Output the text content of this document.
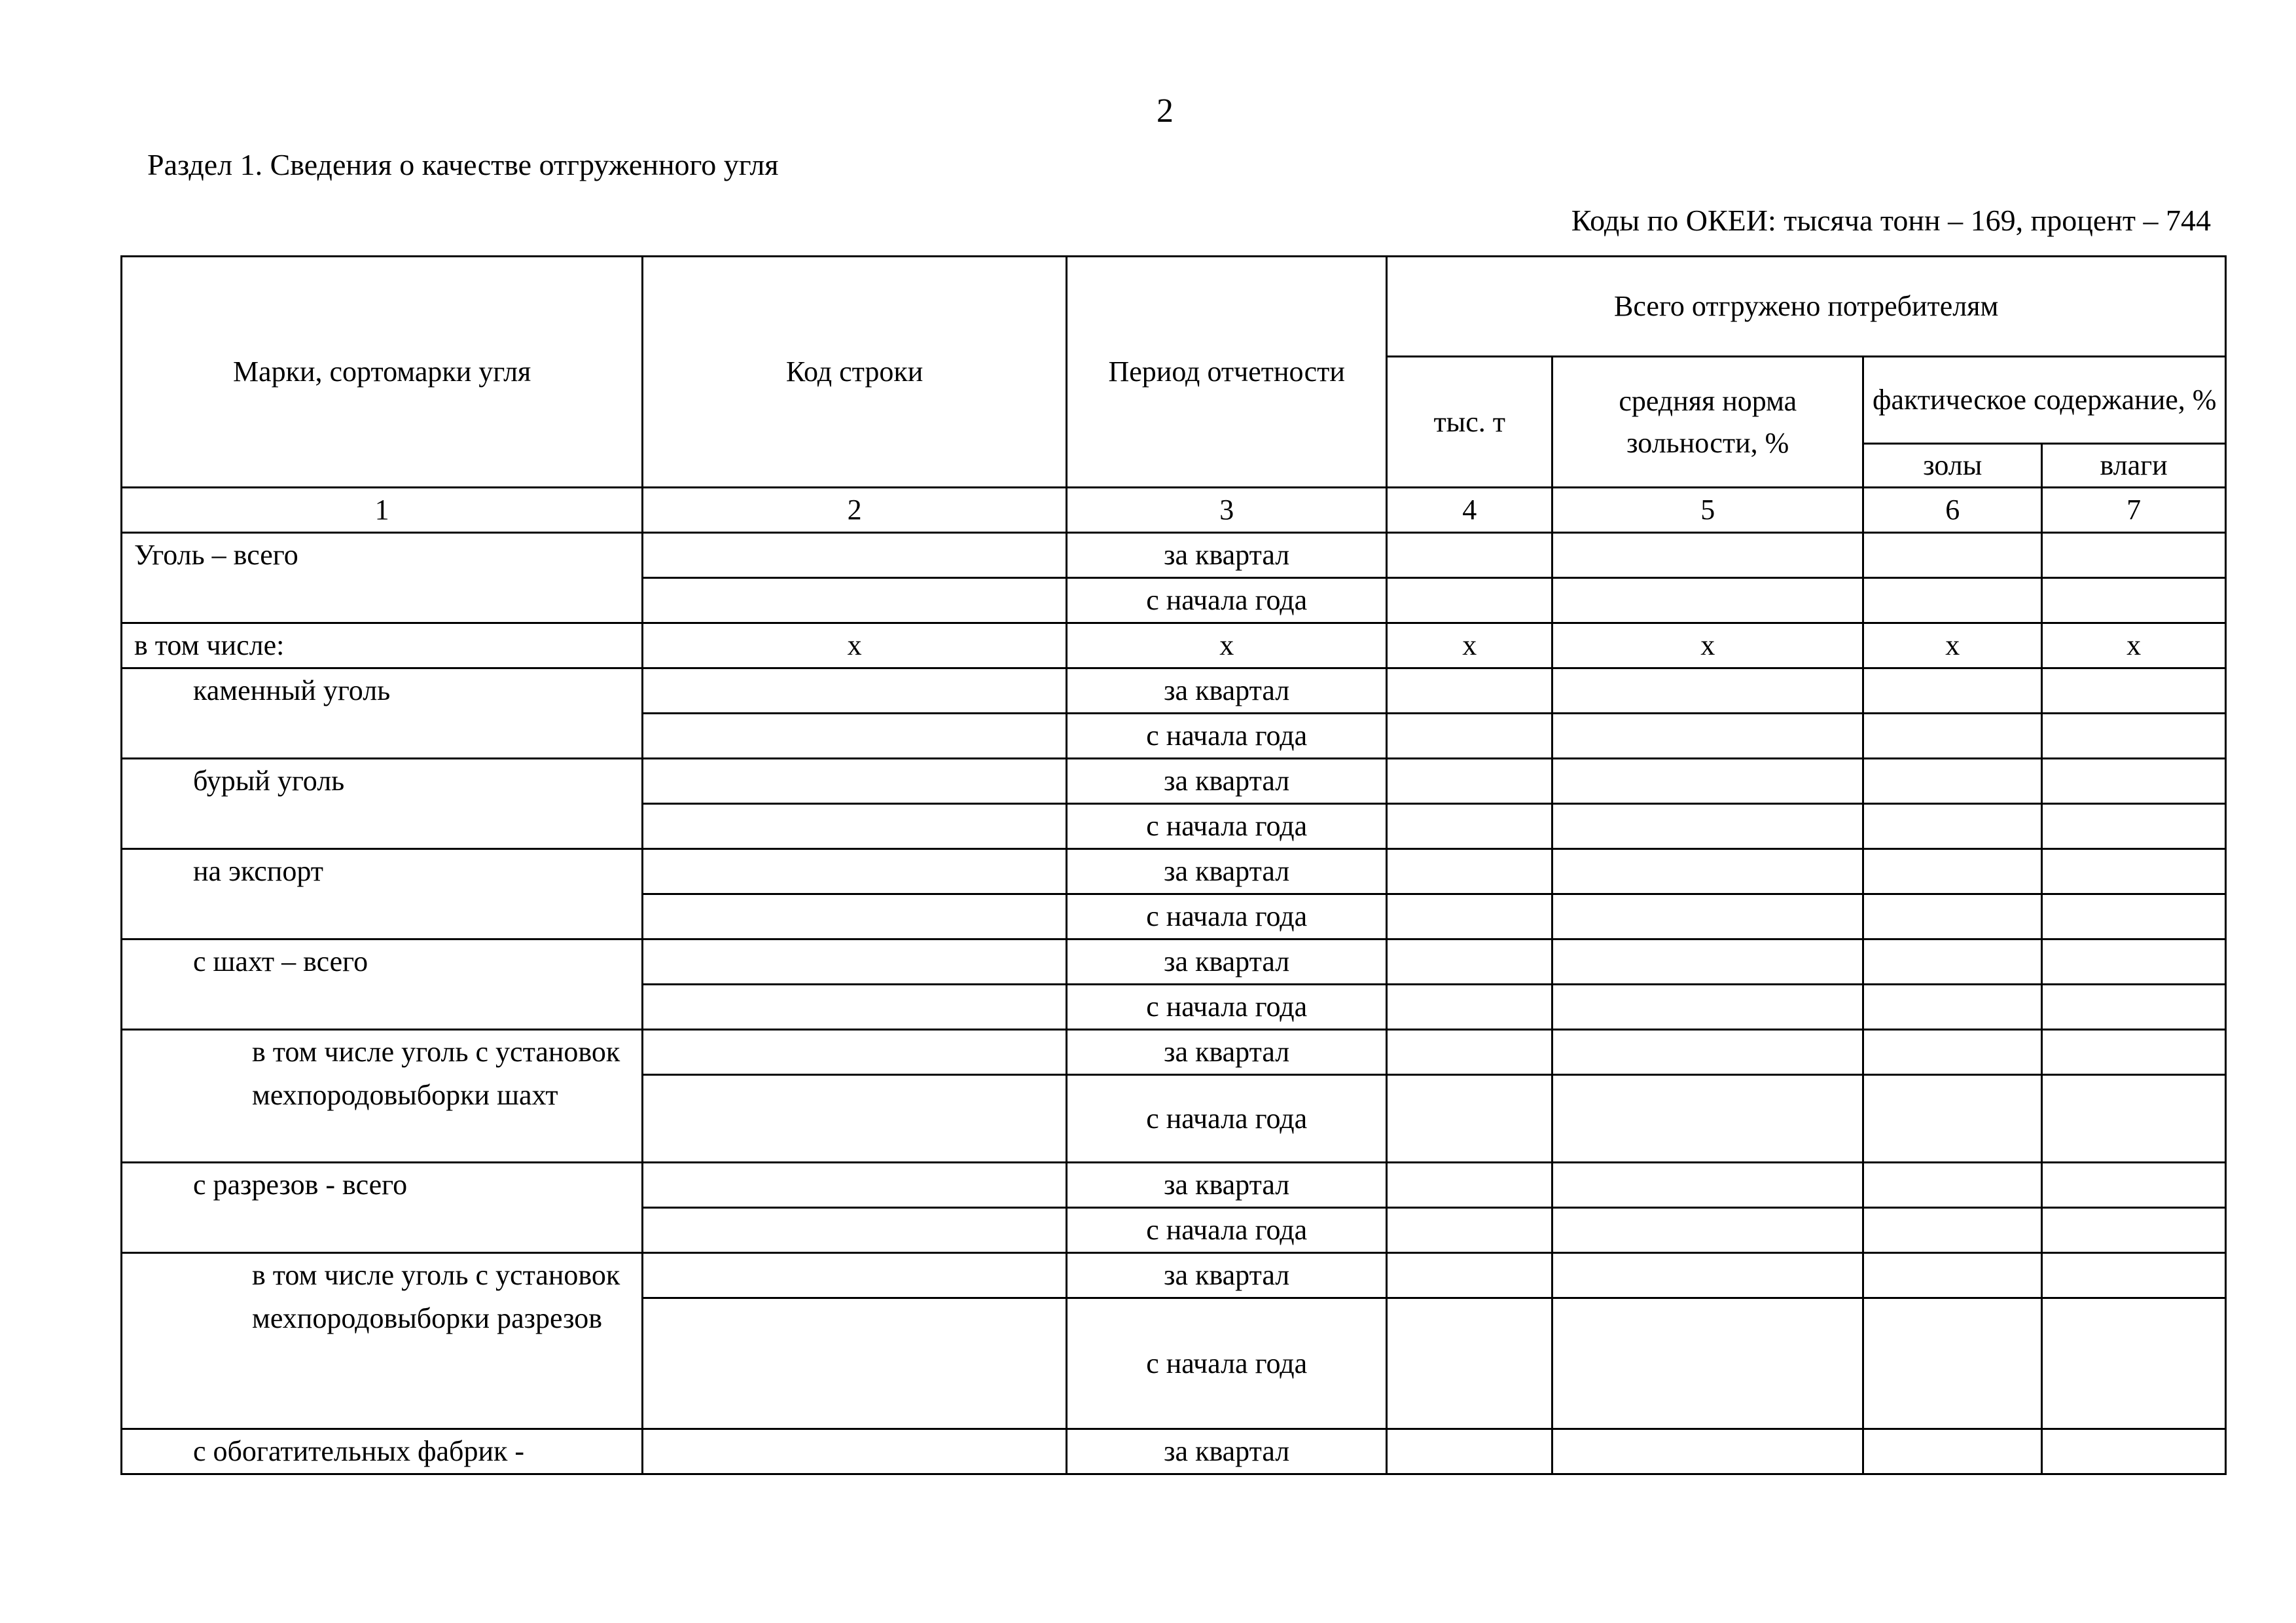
2
Раздел 1. Сведения о качестве отгруженного угля
Коды по ОКЕИ: тысяча тонн – 169, процент – 744
Марки, сортомарки угля	Код строки	Период отчетности	Всего отгружено потребителям			
			тыс. т	средняя норма зольности, %	фактическое содержание, %	
					золы	влаги
1	2	3	4	5	6	7
Уголь – всего		за квартал				
		с начала года				
в том числе:	x	x	x	x	x	x
каменный уголь		за квартал				
		с начала года				
бурый уголь		за квартал				
		с начала года				
на экспорт		за квартал				
		с начала года				
с шахт – всего		за квартал				
		с начала года				
в том числе уголь с установок мехпородовыборки шахт		за квартал				
		с начала года				
с разрезов - всего		за квартал				
		с начала года				
в том числе уголь с установок мехпородовыборки разрезов		за квартал				
		с начала года				
с обогатительных фабрик -		за квартал				
